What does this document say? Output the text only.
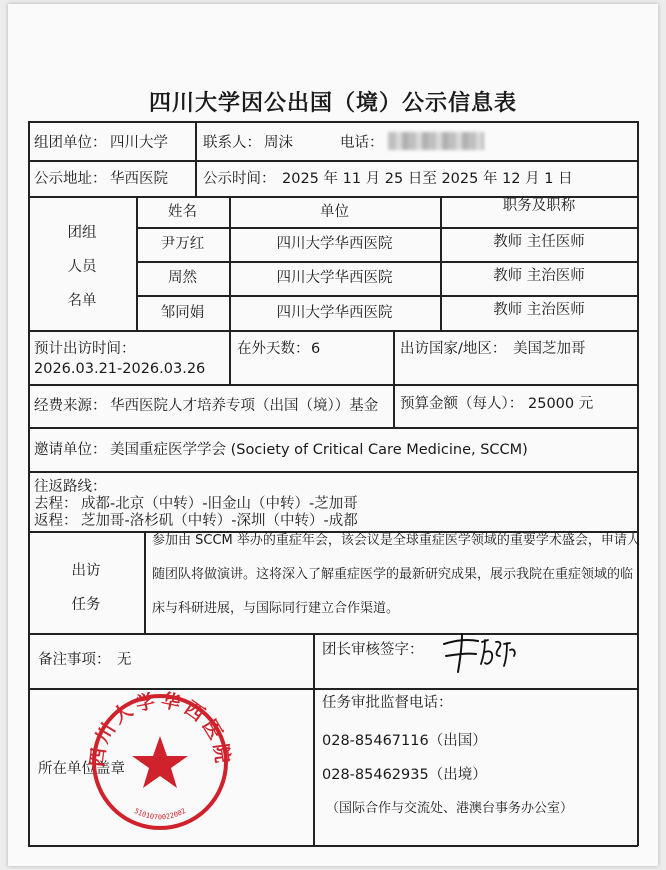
四川大学因公出国（境）公示信息表
组团单位： 四川大学 联系人： 周沫	电话：
公示地址： 华西医院 公示时间： 2025 年 11 月 25 日至 2025 年 12 月 1 日
团组
人员
名单
姓名	单位	职务及职称
尹万红	四川大学华西医院	教师 主任医师
周然	四川大学华西医院	教师 主治医师
邹同娟	四川大学华西医院	教师 主治医师
预计出访时间：
2026.03.21-2026.03.26
在外天数： 6	出访国家/地区： 美国芝加哥
经费来源： 华西医院人才培养专项（出国（境））基金 预算金额（每人）： 25000 元
邀请单位： 美国重症医学学会 (Society of Critical Care Medicine, SCCM)
往返路线：
去程： 成都-北京（中转）-旧金山（中转）-芝加哥
返程： 芝加哥-洛杉矶（中转）-深圳（中转）-成都
出访
任务
参加由 SCCM 举办的重症年会，该会议是全球重症医学领域的重要学术盛会，申请人随团队将做演讲。这将深入了解重症医学的最新研究成果，展示我院在重症领域的临床与科研进展，与国际同行建立合作渠道。
备注事项： 无
团长审核签字：
所在单位盖章
四川大学华西医院
5101070022002
任务审批监督电话：
028-85467116（出国）
028-85462935（出境）
（国际合作与交流处、港澳台事务办公室）
